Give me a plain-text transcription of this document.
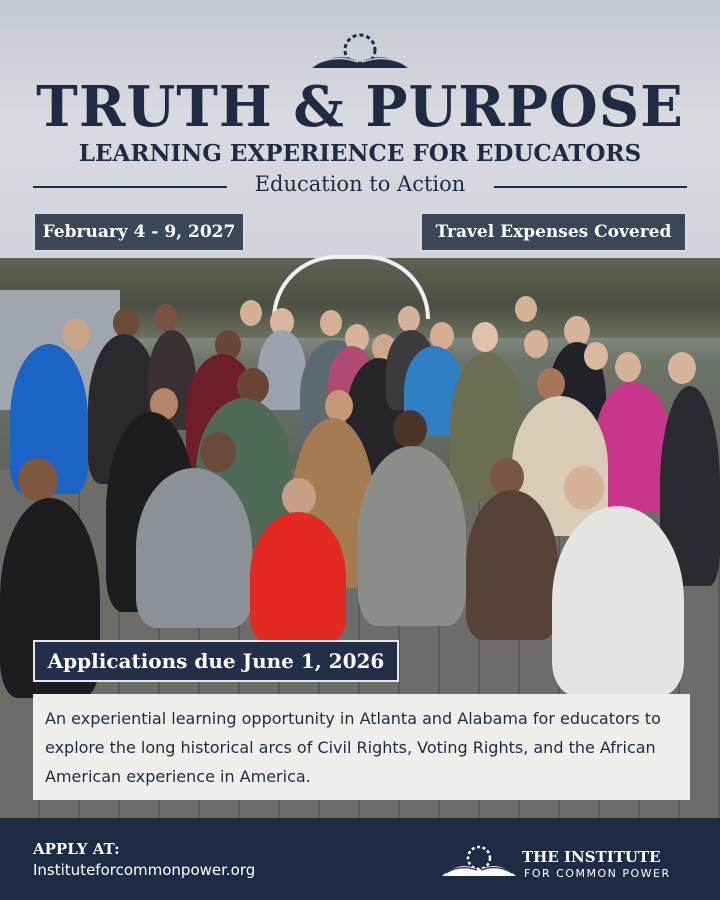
TRUTH & PURPOSE
LEARNING EXPERIENCE FOR EDUCATORS
Education to Action
February 4 - 9, 2027	Travel Expenses Covered
Applications due June 1, 2026
An experiential learning opportunity in Atlanta and Alabama for educators to explore the long historical arcs of Civil Rights, Voting Rights, and the African American experience in America.
APPLY AT:
Instituteforcommonpower.org
THE INSTITUTE
FOR COMMON POWER
